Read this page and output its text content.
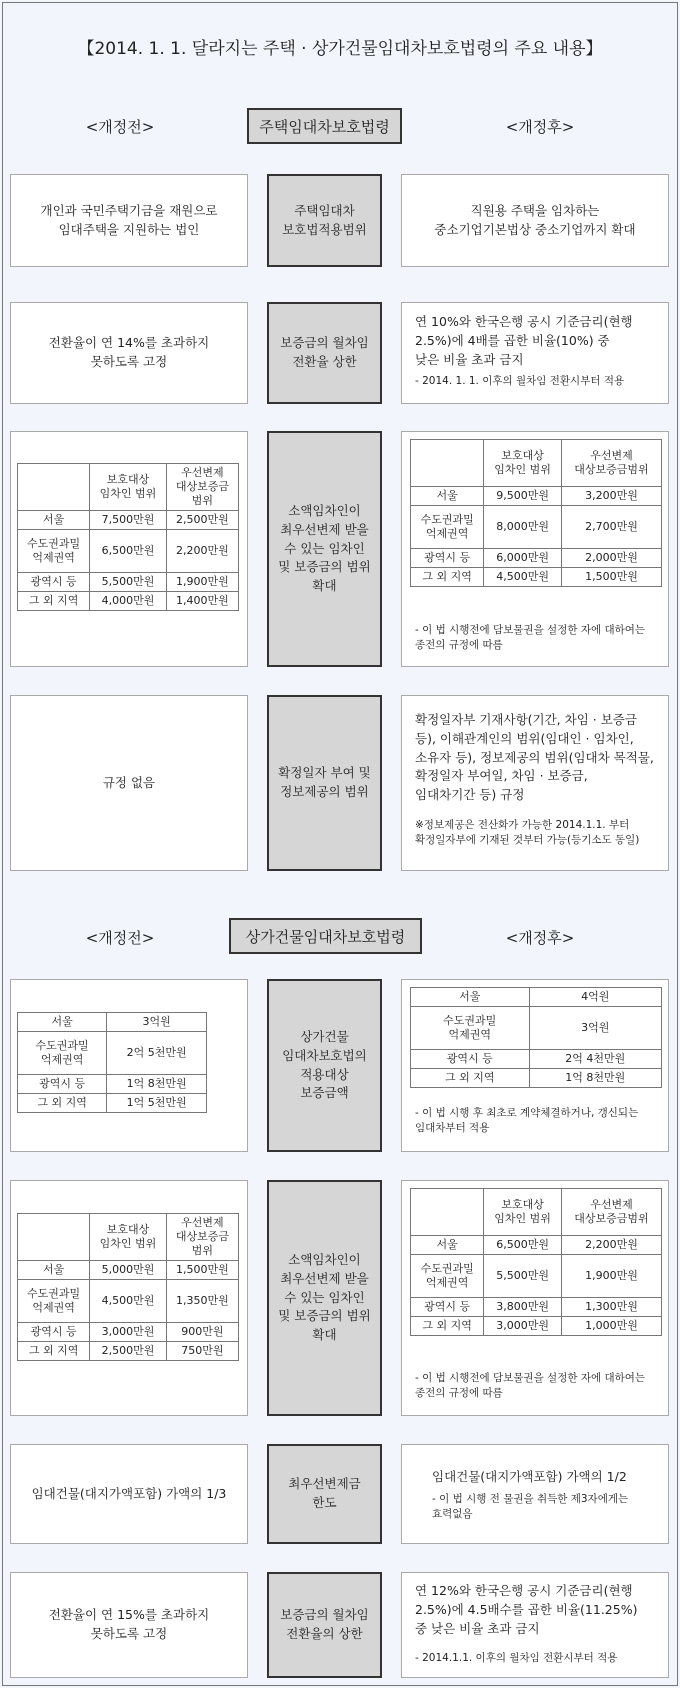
【2014. 1. 1. 달라지는 주택 · 상가건물임대차보호법령의 주요 내용】
<개정전>	주택임대차보호법령	<개정후>
개인과 국민주택기금을 재원으로
임대주택을 지원하는 법인
주택임대차
보호법적용범위
직원용 주택을 임차하는
중소기업기본법상 중소기업까지 확대
전환율이 연 14%를 초과하지
못하도록 고정
보증금의 월차임
전환율 상한
연 10%와 한국은행 공시 기준금리(현행
2.5%)에 4배를 곱한 비율(10%) 중
낮은 비율 초과 금지
- 2014. 1. 1. 이후의 월차임 전환시부터 적용
	보호대상
임차인 범위	우선변제
대상보증금
범위
서울	7,500만원	2,500만원
수도권과밀
억제권역	6,500만원	2,200만원
광역시 등	5,500만원	1,900만원
그 외 지역	4,000만원	1,400만원
소액임차인이
최우선변제 받을
수 있는 임차인
및 보증금의 범위
확대
	보호대상
임차인 범위	우선변제
대상보증금범위
서울	9,500만원	3,200만원
수도권과밀
억제권역	8,000만원	2,700만원
광역시 등	6,000만원	2,000만원
그 외 지역	4,500만원	1,500만원
- 이 법 시행전에 담보물권을 설정한 자에 대하여는
종전의 규정에 따름
규정 없음
확정일자 부여 및
정보제공의 범위
확정일자부 기재사항(기간, 차임 · 보증금
등), 이해관계인의 범위(임대인 · 임차인,
소유자 등), 정보제공의 범위(임대차 목적물,
확정일자 부여일, 차임 · 보증금,
임대차기간 등) 규정
※정보제공은 전산화가 가능한 2014.1.1. 부터
확정일자부에 기재된 것부터 가능(등기소도 동일)
<개정전>	상가건물임대차보호법령	<개정후>
서울	3억원
수도권과밀
억제권역	2억 5천만원
광역시 등	1억 8천만원
그 외 지역	1억 5천만원
상가건물
임대차보호법의
적용대상
보증금액
서울	4억원
수도권과밀
억제권역	3억원
광역시 등	2억 4천만원
그 외 지역	1억 8천만원
- 이 법 시행 후 최초로 계약체결하거나, 갱신되는
임대차부터 적용
	보호대상
임차인 범위	우선변제
대상보증금
범위
서울	5,000만원	1,500만원
수도권과밀
억제권역	4,500만원	1,350만원
광역시 등	3,000만원	900만원
그 외 지역	2,500만원	750만원
소액임차인이
최우선변제 받을
수 있는 임차인
및 보증금의 범위
확대
	보호대상
임차인 범위	우선변제
대상보증금범위
서울	6,500만원	2,200만원
수도권과밀
억제권역	5,500만원	1,900만원
광역시 등	3,800만원	1,300만원
그 외 지역	3,000만원	1,000만원
- 이 법 시행전에 담보물권을 설정한 자에 대하여는
종전의 규정에 따름
임대건물(대지가액포함) 가액의 1/3
최우선변제금
한도
임대건물(대지가액포함) 가액의 1/2
- 이 법 시행 전 물권을 취득한 제3자에게는
효력없음
전환율이 연 15%를 초과하지
못하도록 고정
보증금의 월차임
전환율의 상한
연 12%와 한국은행 공시 기준금리(현행
2.5%)에 4.5배수를 곱한 비율(11.25%)
중 낮은 비율 초과 금지
- 2014.1.1. 이후의 월차임 전환시부터 적용
